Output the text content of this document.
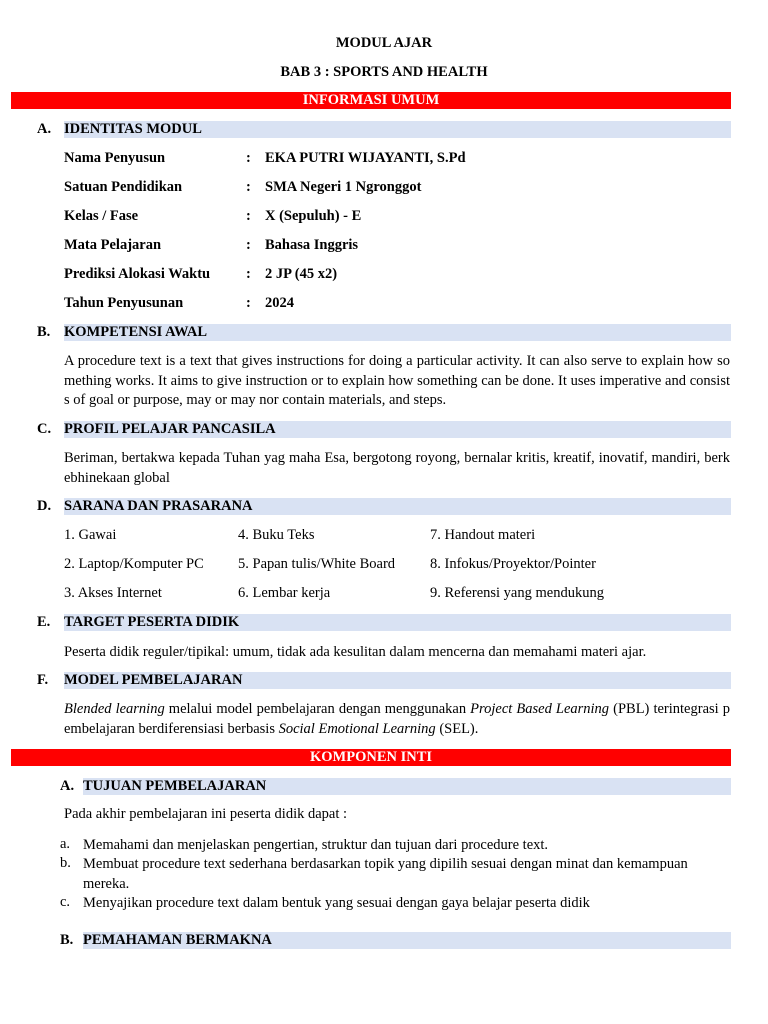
MODUL AJAR
BAB 3 : SPORTS AND HEALTH
INFORMASI UMUM
A. IDENTITAS MODUL
Nama Penyusun	: EKA PUTRI WIJAYANTI, S.Pd
Satuan Pendidikan	: SMA Negeri 1 Ngronggot
Kelas / Fase	: X (Sepuluh) - E
Mata Pelajaran	: Bahasa Inggris
Prediksi Alokasi Waktu : 2 JP (45 x2)
Tahun Penyusunan	: 2024
B. KOMPETENSI AWAL
A procedure text is a text that gives instructions for doing a particular activity. It can also serve to explain how something works. It aims to give instruction or to explain how something can be done. It uses imperative and consists of goal or purpose, may or may nor contain materials, and steps.
C. PROFIL PELAJAR PANCASILA
Beriman, bertakwa kepada Tuhan yag maha Esa, bergotong royong, bernalar kritis, kreatif, inovatif, mandiri, berkebhinekaan global
D. SARANA DAN PRASARANA
1. Gawai	4. Buku Teks	7. Handout materi
2. Laptop/Komputer PC 5. Papan tulis/White Board 8. Infokus/Proyektor/Pointer
3. Akses Internet	6. Lembar kerja	9. Referensi yang mendukung
E. TARGET PESERTA DIDIK
Peserta didik reguler/tipikal: umum, tidak ada kesulitan dalam mencerna dan memahami materi ajar.
F. MODEL PEMBELAJARAN
Blended learning melalui model pembelajaran dengan menggunakan Project Based Learning (PBL) terintegrasi pembelajaran berdiferensiasi berbasis Social Emotional Learning (SEL).
KOMPONEN INTI
A. TUJUAN PEMBELAJARAN
Pada akhir pembelajaran ini peserta didik dapat :
a. Memahami dan menjelaskan pengertian, struktur dan tujuan dari procedure text.
b. Membuat procedure text sederhana berdasarkan topik yang dipilih sesuai dengan minat dan kemampuan mereka.
c. Menyajikan procedure text dalam bentuk yang sesuai dengan gaya belajar peserta didik
B. PEMAHAMAN BERMAKNA
